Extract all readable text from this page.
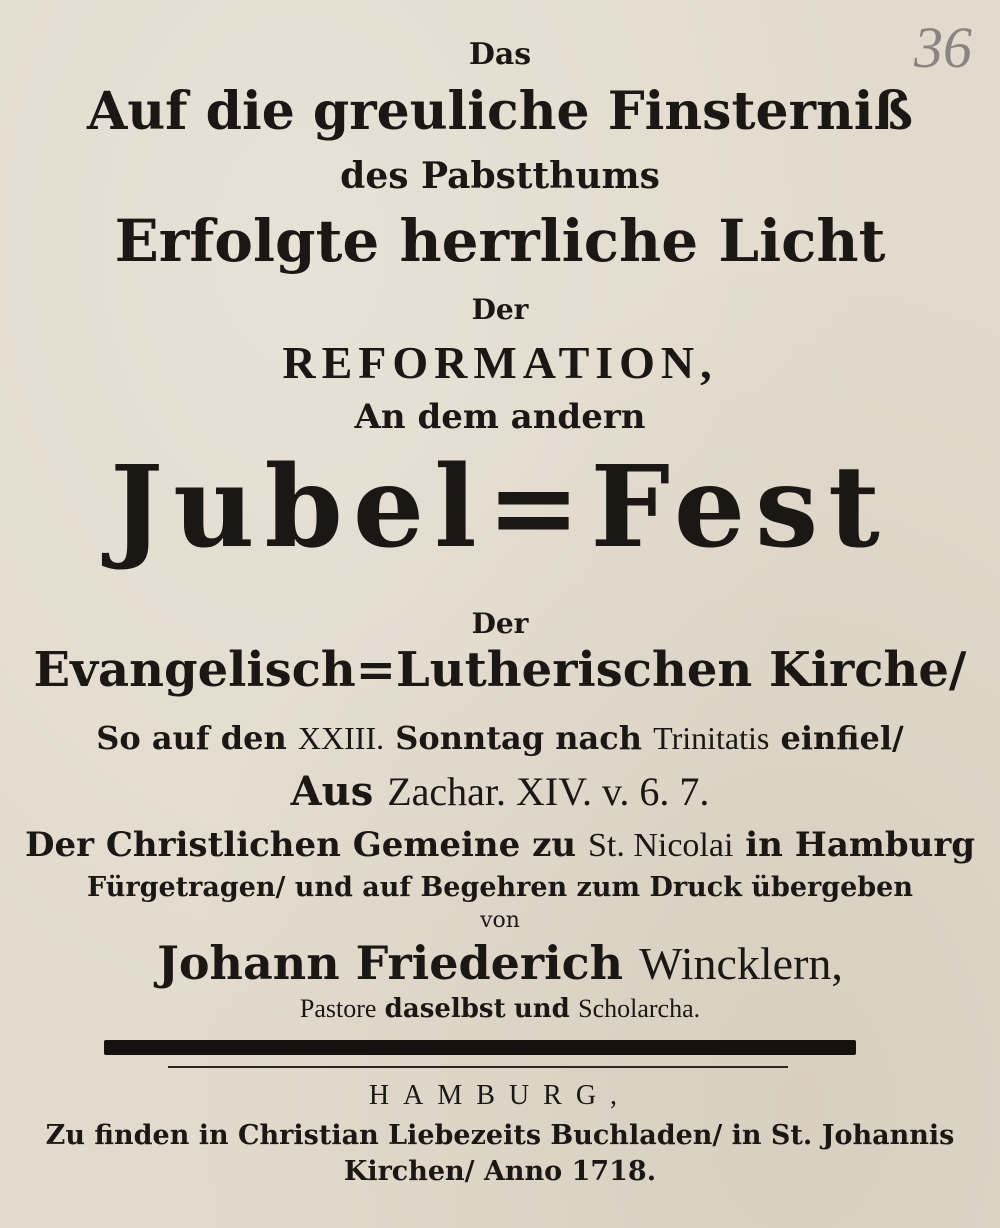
36
Das
Auf die greuliche Finsterniß
des Pabstthums
Erfolgte herrliche Licht
Der
REFORMATION,
An dem andern
Jubel=Fest
Der
Evangelisch=Lutherischen Kirche/
So auf den XXIII. Sonntag nach Trinitatis einfiel/
Aus Zachar. XIV. v. 6. 7.
Der Christlichen Gemeine zu St. Nicolai in Hamburg
Fürgetragen/ und auf Begehren zum Druck übergeben
von
Johann Friederich Wincklern,
Pastore daselbst und Scholarcha.
HAMBURG,
Zu finden in Christian Liebezeits Buchladen/ in St. Johannis
Kirchen/ Anno 1718.
